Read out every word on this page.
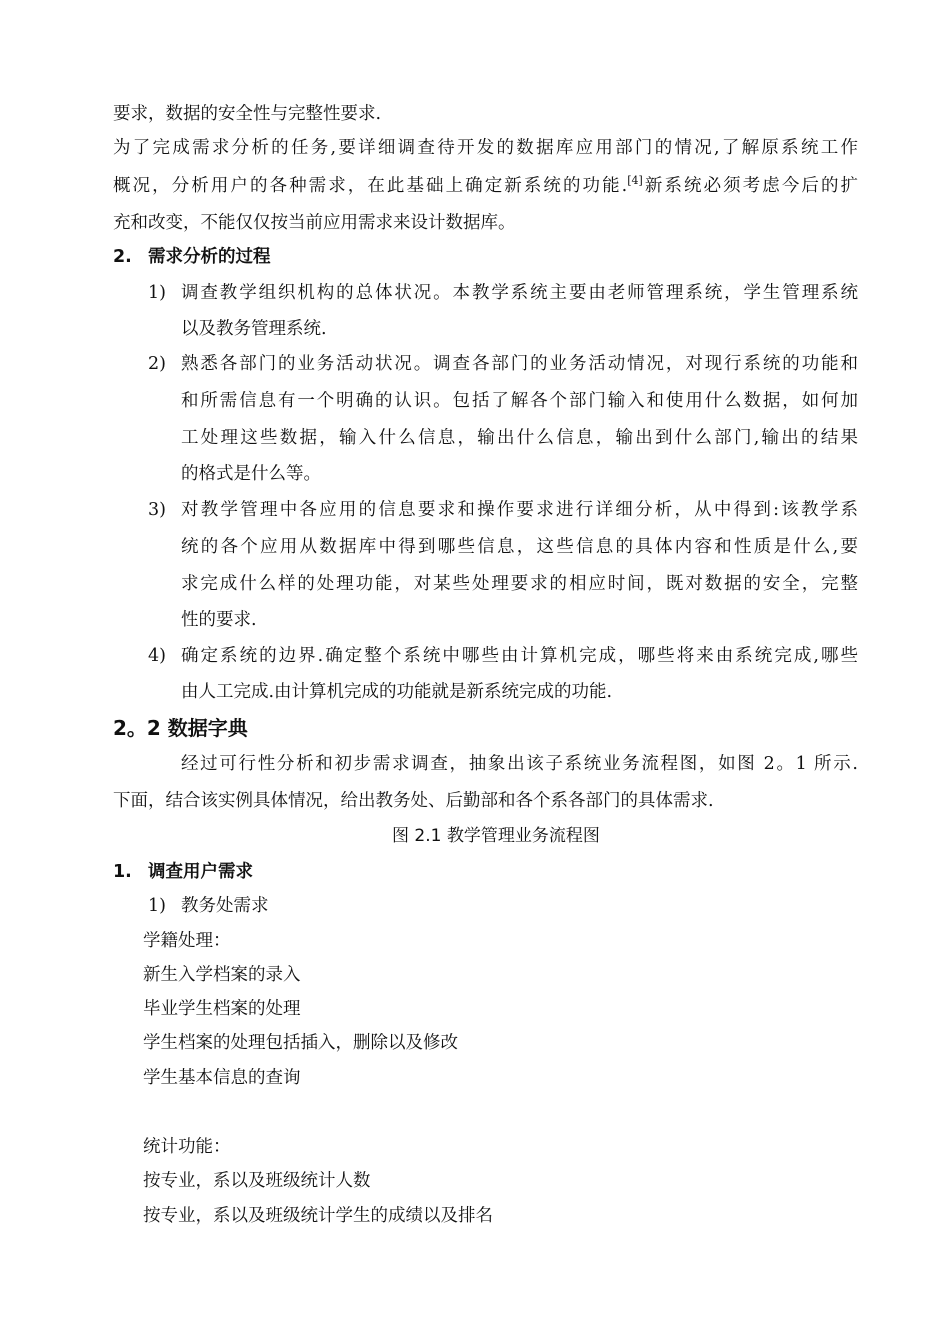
要求，数据的安全性与完整性要求.
为了完成需求分析的任务,要详细调查待开发的数据库应用部门的情况,了解原系统工作
概况，分析用户的各种需求，在此基础上确定新系统的功能.[4]新系统必须考虑今后的扩
充和改变，不能仅仅按当前应用需求来设计数据库。
2. 需求分析的过程
1) 调查教学组织机构的总体状况。本教学系统主要由老师管理系统，学生管理系统
以及教务管理系统.
2) 熟悉各部门的业务活动状况。调查各部门的业务活动情况，对现行系统的功能和
和所需信息有一个明确的认识。包括了解各个部门输入和使用什么数据，如何加
工处理这些数据，输入什么信息，输出什么信息，输出到什么部门,输出的结果
的格式是什么等。
3) 对教学管理中各应用的信息要求和操作要求进行详细分析，从中得到:该教学系
统的各个应用从数据库中得到哪些信息，这些信息的具体内容和性质是什么,要
求完成什么样的处理功能，对某些处理要求的相应时间，既对数据的安全，完整
性的要求.
4) 确定系统的边界.确定整个系统中哪些由计算机完成，哪些将来由系统完成,哪些
由人工完成.由计算机完成的功能就是新系统完成的功能.
2。2 数据字典
经过可行性分析和初步需求调查，抽象出该子系统业务流程图，如图 2。1 所示.
下面，结合该实例具体情况，给出教务处、后勤部和各个系各部门的具体需求.
图 2.1 教学管理业务流程图
1. 调查用户需求
1) 教务处需求
学籍处理：
新生入学档案的录入
毕业学生档案的处理
学生档案的处理包括插入，删除以及修改
学生基本信息的查询
统计功能：
按专业，系以及班级统计人数
按专业，系以及班级统计学生的成绩以及排名
